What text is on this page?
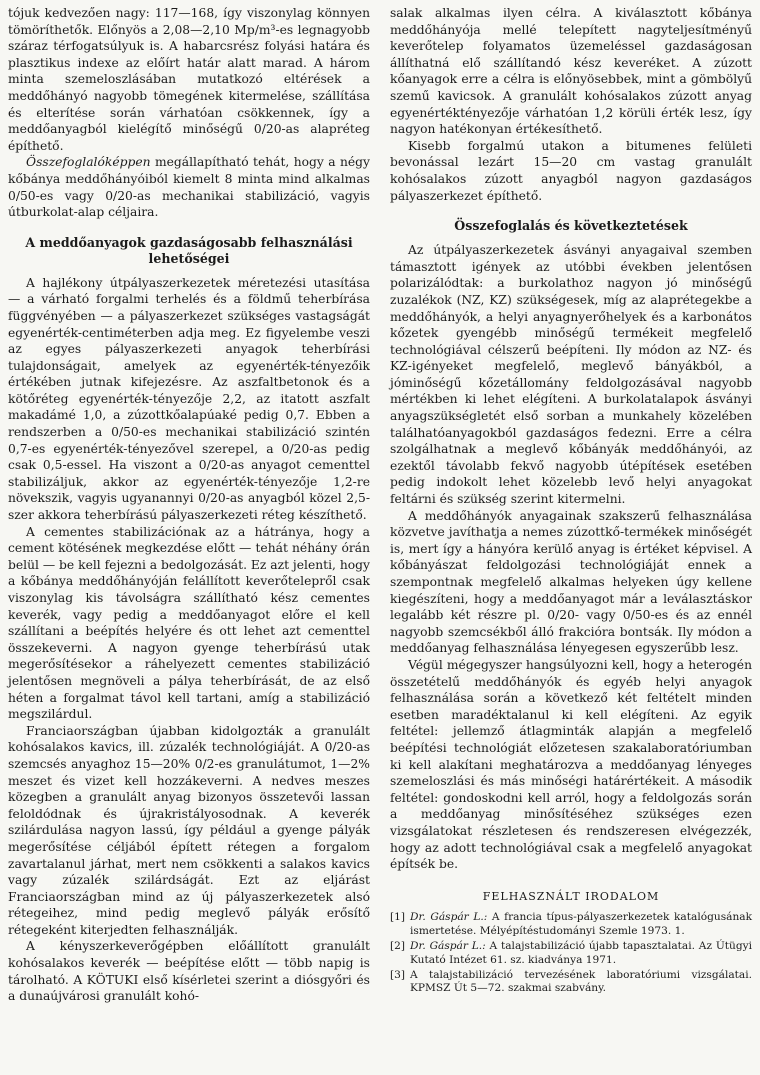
tójuk kedvezően nagy: 117—168, így viszonylag könnyen tömöríthetők. Előnyös a 2,08—2,10 Mp/m³-es legnagyobb száraz térfogatsúlyuk is. A habarcsrész folyási határa és plasztikus indexe az előírt határ alatt marad. A három minta szemeloszlásában mutatkozó eltérések a meddőhányó nagyobb tömegének kitermelése, szállítása és elterítése során várhatóan csökkennek, így a meddőanyagból kielégítő minőségű 0/20-as alapréteg építhető.

Összefoglalóképpen megállapítható tehát, hogy a négy kőbánya meddőhányóiból kiemelt 8 minta mind alkalmas 0/50-es vagy 0/20-as mechanikai stabilizáció, vagyis útburkolat-alap céljaira.

A meddőanyagok gazdaságosabb felhasználási lehetőségei

A hajlékony útpályaszerkezetek méretezési utasítása — a várható forgalmi terhelés és a földmű teherbírása függvényében — a pályaszerkezet szükséges vastagságát egyenérték-centiméterben adja meg. Ez figyelembe veszi az egyes pályaszerkezeti anyagok teherbírási tulajdonságait, amelyek az egyenérték-tényezőik értékében jutnak kifejezésre. Az aszfaltbetonok és a kötőréteg egyenérték-tényezője 2,2, az itatott aszfalt makadámé 1,0, a zúzottkőalapúaké pedig 0,7. Ebben a rendszerben a 0/50-es mechanikai stabilizáció szintén 0,7-es egyenérték-tényezővel szerepel, a 0/20-as pedig csak 0,5-essel. Ha viszont a 0/20-as anyagot cementtel stabilizáljuk, akkor az egyenérték-tényezője 1,2-re növekszik, vagyis ugyanannyi 0/20-as anyagból közel 2,5-szer akkora teherbírású pályaszerkezeti réteg készíthető.

A cementes stabilizációnak az a hátránya, hogy a cement kötésének megkezdése előtt — tehát néhány órán belül — be kell fejezni a bedolgozását. Ez azt jelenti, hogy a kőbánya meddőhányóján felállított keverőtelepről csak viszonylag kis távolságra szállítható kész cementes keverék, vagy pedig a meddőanyagot előre el kell szállítani a beépítés helyére és ott lehet azt cementtel összekeverni. A nagyon gyenge teherbírású utak megerősítésekor a ráhelyezett cementes stabilizáció jelentősen megnöveli a pálya teherbírását, de az első héten a forgalmat távol kell tartani, amíg a stabilizáció megszilárdul.

Franciaországban újabban kidolgozták a granulált kohósalakos kavics, ill. zúzalék technológiáját. A 0/20-as szemcsés anyaghoz 15—20% 0/2-es granulátumot, 1—2% meszet és vizet kell hozzákeverni. A nedves meszes közegben a granulált anyag bizonyos összetevői lassan feloldódnak és újrakristályosodnak. A keverék szilárdulása nagyon lassú, így például a gyenge pályák megerősítése céljából épített rétegen a forgalom zavartalanul járhat, mert nem csökkenti a salakos kavics vagy zúzalék szilárdságát. Ezt az eljárást Franciaországban mind az új pályaszerkezetek alsó rétegeihez, mind pedig meglevő pályák erősítő rétegeként kiterjedten felhasználják.

A kényszerkeverőgépben előállított granulált kohósalakos keverék — beépítése előtt — több napig is tárolható. A KÖTUKI első kísérletei szerint a diósgyőri és a dunaújvárosi granulált kohó-

salak alkalmas ilyen célra. A kiválasztott kőbánya meddőhányója mellé telepített nagyteljesítményű keverőtelep folyamatos üzemeléssel gazdaságosan állíthatná elő szállítandó kész keveréket. A zúzott kőanyagok erre a célra is előnyösebbek, mint a gömbölyű szemű kavicsok. A granulált kohósalakos zúzott anyag egyenértéktényezője várhatóan 1,2 körüli érték lesz, így nagyon hatékonyan értékesíthető.

Kisebb forgalmú utakon a bitumenes felületi bevonással lezárt 15—20 cm vastag granulált kohósalakos zúzott anyagból nagyon gazdaságos pályaszerkezet építhető.

Összefoglalás és következtetések

Az útpályaszerkezetek ásványi anyagaival szemben támasztott igények az utóbbi években jelentősen polarizálódtak: a burkolathoz nagyon jó minőségű zuzalékok (NZ, KZ) szükségesek, míg az alaprétegekbe a meddőhányók, a helyi anyagnyerőhelyek és a karbonátos kőzetek gyengébb minőségű termékeit megfelelő technológiával célszerű beépíteni. Ily módon az NZ- és KZ-igényeket megfelelő, meglevő bányákból, a jóminőségű kőzetállomány feldolgozásával nagyobb mértékben ki lehet elégíteni. A burkolatalapok ásványi anyagszükségletét első sorban a munkahely közelében találhatóanyagokból gazdaságos fedezni. Erre a célra szolgálhatnak a meglevő kőbányák meddőhányói, az ezektől távolabb fekvő nagyobb útépítések esetében pedig indokolt lehet közelebb levő helyi anyagokat feltárni és szükség szerint kitermelni.

A meddőhányók anyagainak szakszerű felhasználása közvetve javíthatja a nemes zúzottkő-termékek minőségét is, mert így a hányóra kerülő anyag is értéket képvisel. A kőbányászat feldolgozási technológiáját ennek a szempontnak megfelelő alkalmas helyeken úgy kellene kiegészíteni, hogy a meddőanyagot már a leválasztáskor legalább két részre pl. 0/20- vagy 0/50-es és az ennél nagyobb szemcsékből álló frakcióra bontsák. Ily módon a meddőanyag felhasználása lényegesen egyszerűbb lesz.

Végül mégegyszer hangsúlyozni kell, hogy a heterogén összetételű meddőhányók és egyéb helyi anyagok felhasználása során a következő két feltételt minden esetben maradéktalanul ki kell elégíteni. Az egyik feltétel: jellemző átlagminták alapján a megfelelő beépítési technológiát előzetesen szakalaboratóriumban ki kell alakítani meghatározva a meddőanyag lényeges szemeloszlási és más minőségi határértékeit. A második feltétel: gondoskodni kell arról, hogy a feldolgozás során a meddőanyag minősítéséhez szükséges ezen vizsgálatokat részletesen és rendszeresen elvégezzék, hogy az adott technológiával csak a megfelelő anyagokat építsék be.

FELHASZNÁLT IRODALOM
[1] Dr. Gáspár L.: A francia típus-pályaszerkezetek katalógusának ismertetése. Mélyépítéstudományi Szemle 1973. 1.
[2] Dr. Gáspár L.: A talajstabilizáció újabb tapasztalatai. Az Útügyi Kutató Intézet 61. sz. kiadványa 1971.
[3] A talajstabilizáció tervezésének laboratóriumi vizsgálatai. KPMSZ Út 5—72. szakmai szabvány.
